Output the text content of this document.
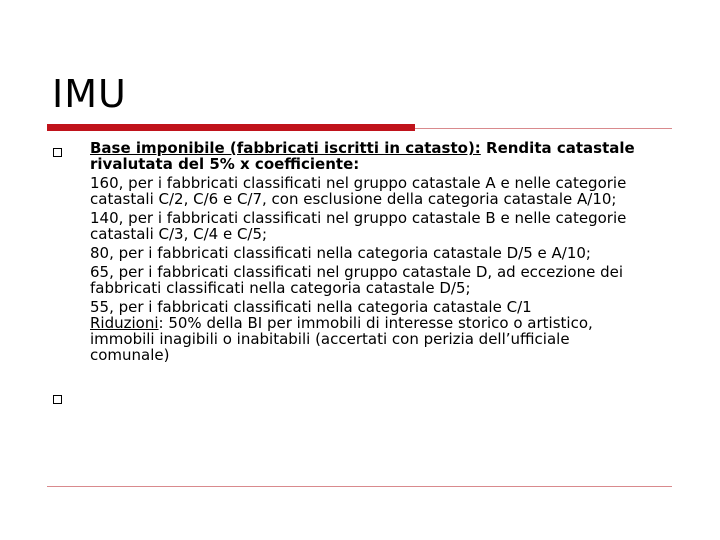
IMU

Base imponibile (fabbricati iscritti in catasto): Rendita catastale rivalutata del 5% x coefficiente:

160, per i fabbricati classificati nel gruppo catastale A e nelle categorie catastali C/2, C/6 e C/7, con esclusione della categoria catastale A/10;

140, per i fabbricati classificati nel gruppo catastale B e nelle categorie catastali C/3, C/4 e C/5;

80, per i fabbricati classificati nella categoria catastale D/5 e A/10;

65, per i fabbricati classificati nel gruppo catastale D, ad eccezione dei fabbricati classificati nella categoria catastale D/5;

55, per i fabbricati classificati nella categoria catastale C/1

Riduzioni: 50% della BI per immobili di interesse storico o artistico, immobili inagibili o inabitabili (accertati con perizia dell’ufficiale comunale)
